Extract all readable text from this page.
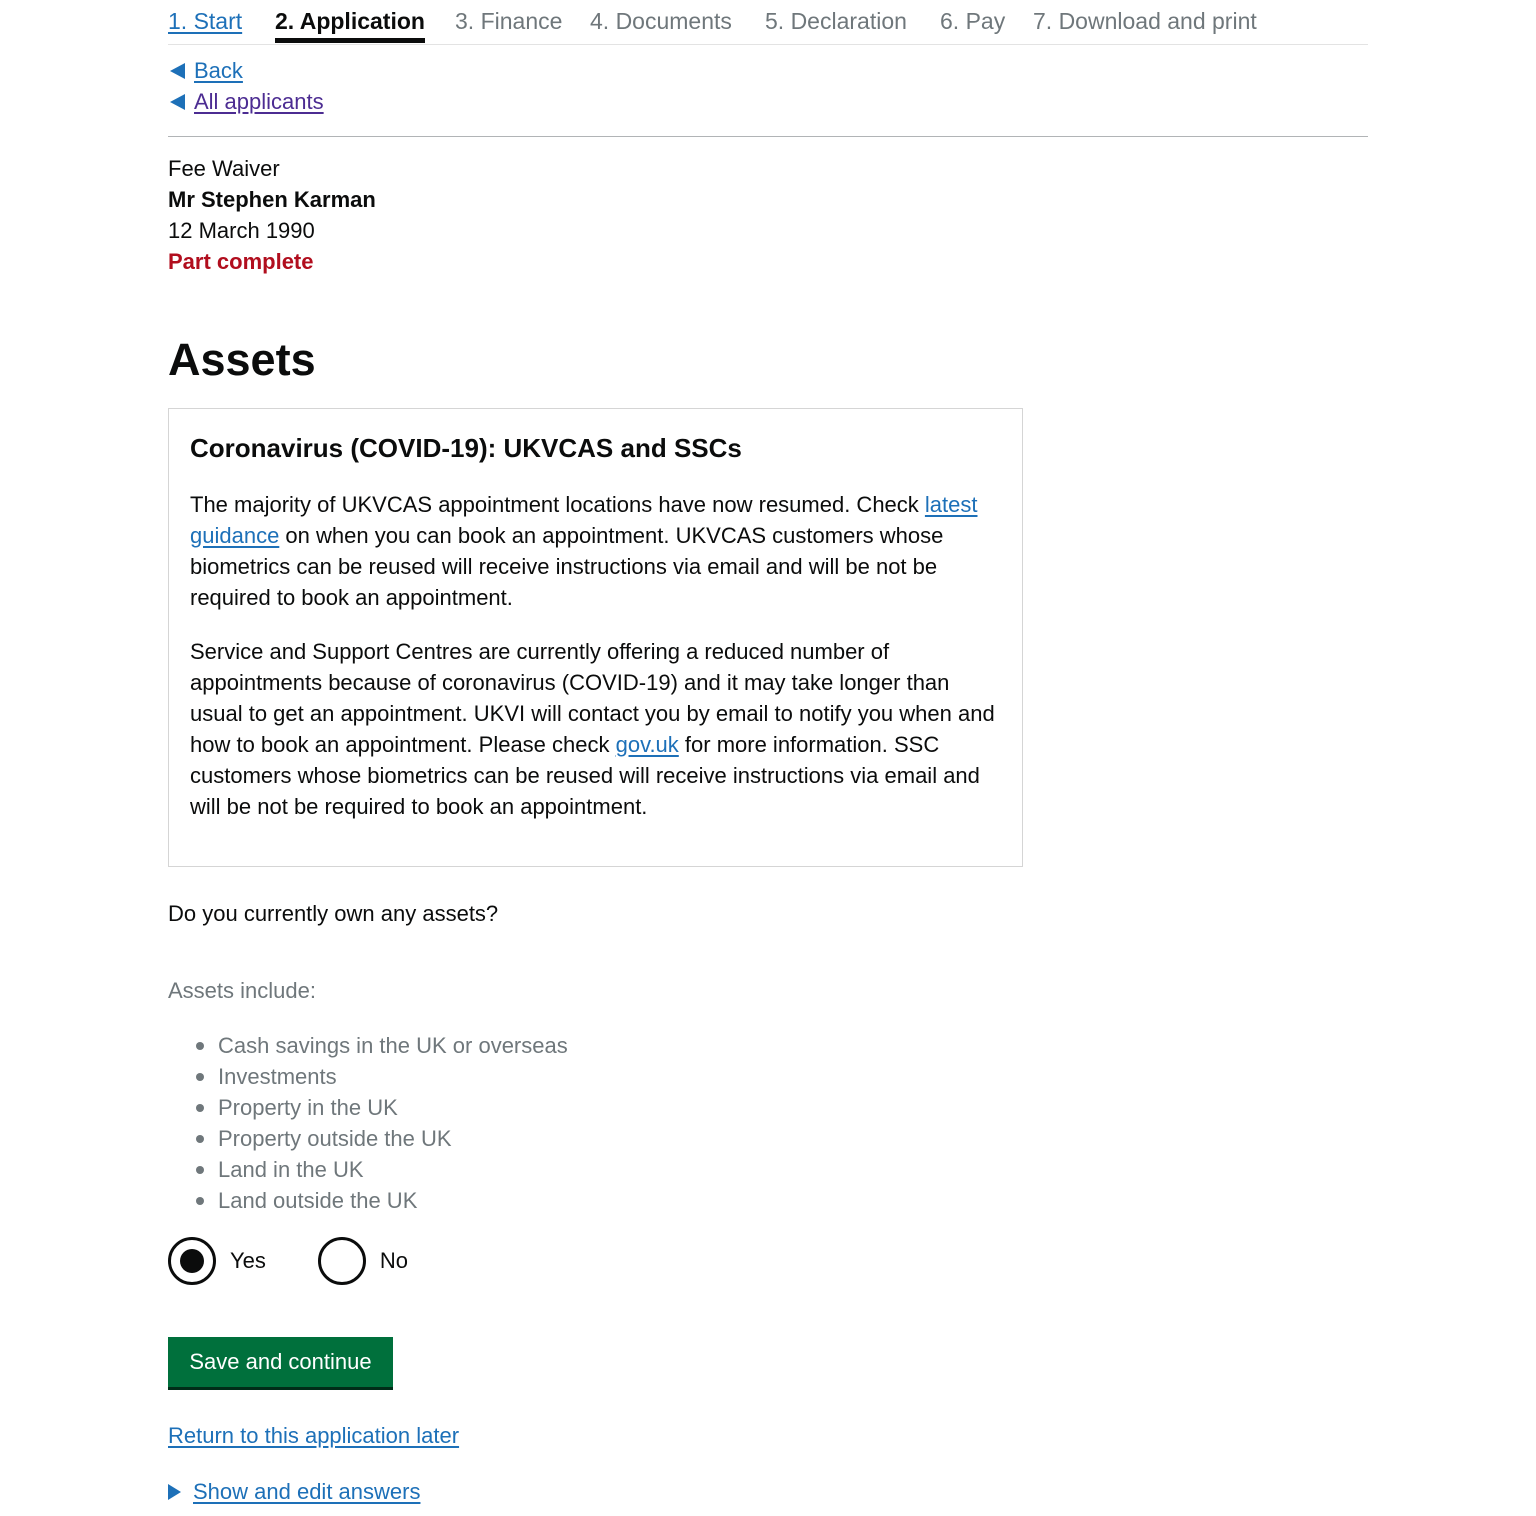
1. Start 2. Application 3. Finance 4. Documents 5. Declaration 6. Pay 7. Download and print
Back
All applicants
Fee Waiver
Mr Stephen Karman
12 March 1990
Part complete
Assets
Coronavirus (COVID-19): UKVCAS and SSCs

The majority of UKVCAS appointment locations have now resumed. Check latest guidance on when you can book an appointment. UKVCAS customers whose biometrics can be reused will receive instructions via email and will be not be required to book an appointment.

Service and Support Centres are currently offering a reduced number of appointments because of coronavirus (COVID-19) and it may take longer than usual to get an appointment. UKVI will contact you by email to notify you when and how to book an appointment. Please check gov.uk for more information. SSC customers whose biometrics can be reused will receive instructions via email and will be not be required to book an appointment.

Do you currently own any assets?
Assets include:
Cash savings in the UK or overseas
Investments
Property in the UK
Property outside the UK
Land in the UK
Land outside the UK
Yes	No
Save and continue
Return to this application later
Show and edit answers
